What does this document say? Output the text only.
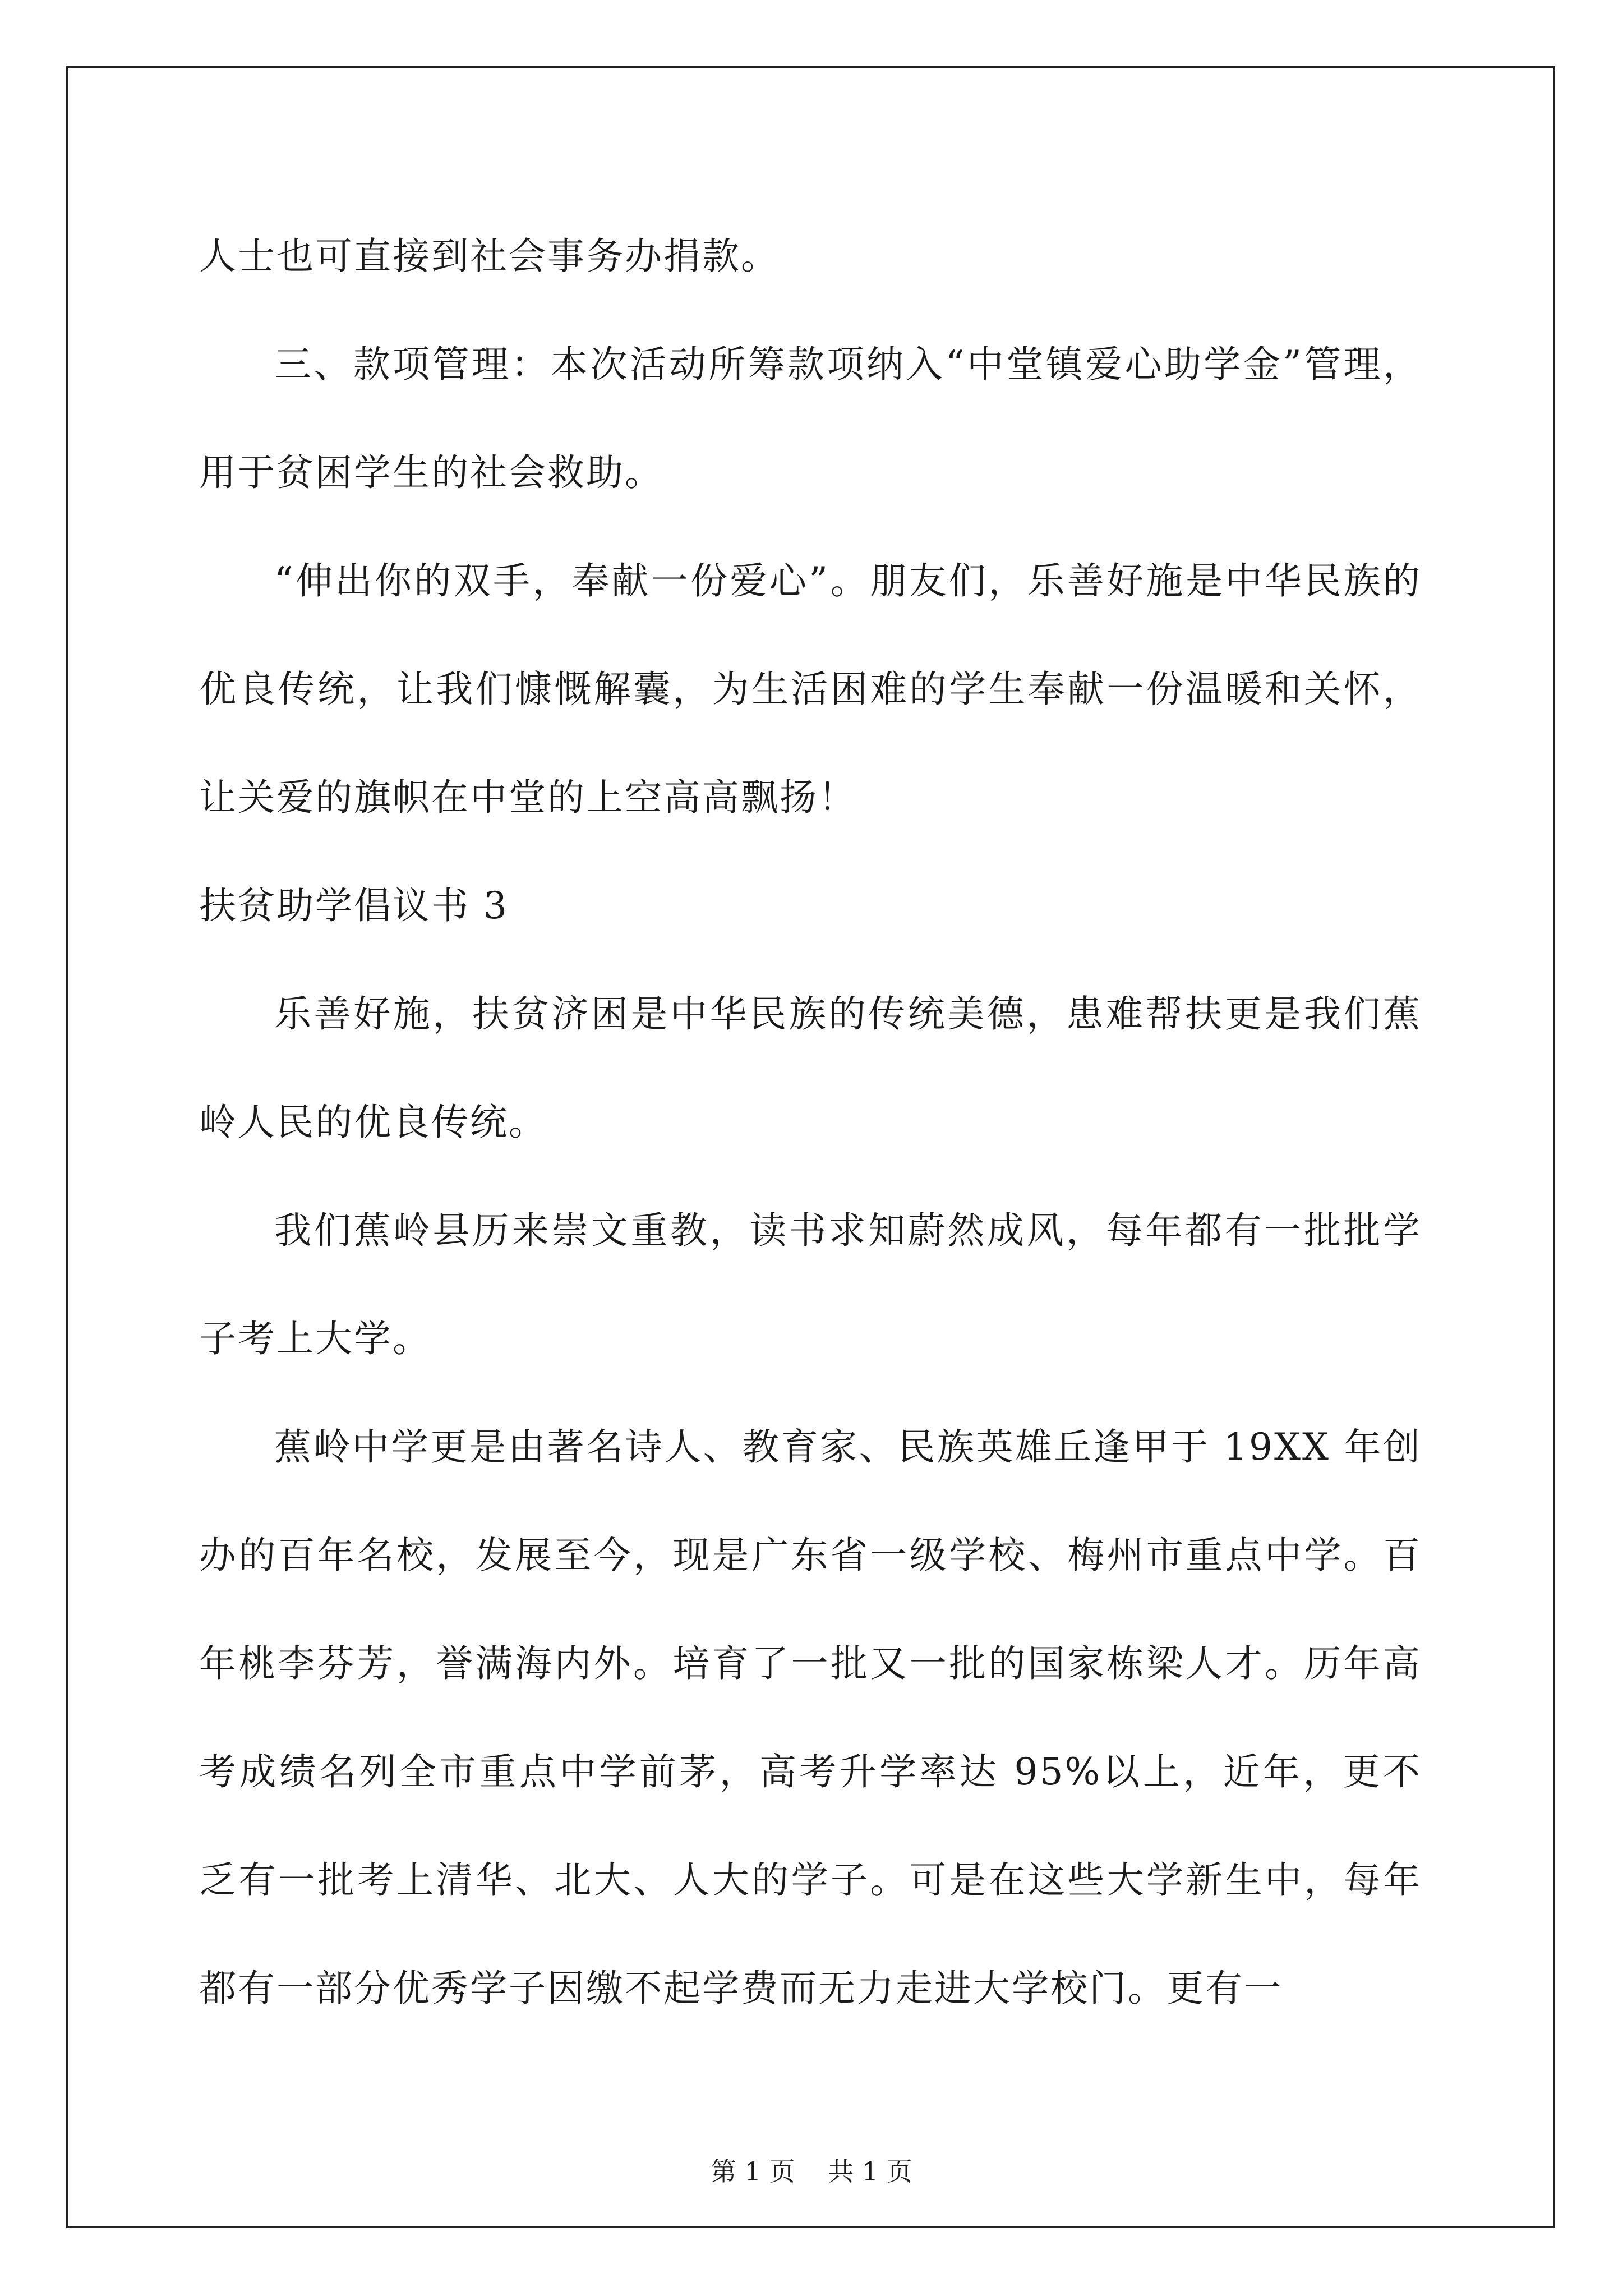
人士也可直接到社会事务办捐款。

三、款项管理：本次活动所筹款项纳入“中堂镇爱心助学金”管理，用于贫困学生的社会救助。

“伸出你的双手，奉献一份爱心”。朋友们，乐善好施是中华民族的优良传统，让我们慷慨解囊，为生活困难的学生奉献一份温暖和关怀，让关爱的旗帜在中堂的上空高高飘扬！

扶贫助学倡议书 3

乐善好施，扶贫济困是中华民族的传统美德，患难帮扶更是我们蕉岭人民的优良传统。

我们蕉岭县历来崇文重教，读书求知蔚然成风，每年都有一批批学子考上大学。

蕉岭中学更是由著名诗人、教育家、民族英雄丘逢甲于 19XX 年创办的百年名校，发展至今，现是广东省一级学校、梅州市重点中学。百年桃李芬芳，誉满海内外。培育了一批又一批的国家栋梁人才。历年高考成绩名列全市重点中学前茅，高考升学率达 95%以上，近年，更不乏有一批考上清华、北大、人大的学子。可是在这些大学新生中，每年都有一部分优秀学子因缴不起学费而无力走进大学校门。更有一

第 1 页 共 1 页
